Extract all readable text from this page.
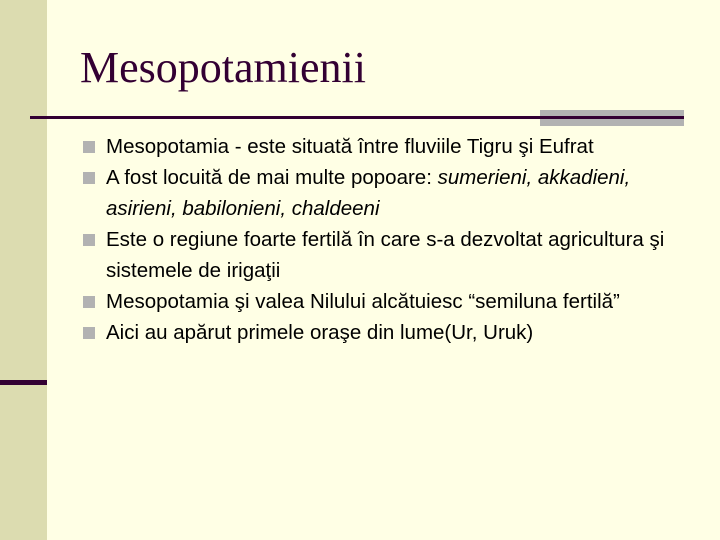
Mesopotamienii
Mesopotamia - este situată între fluviile Tigru şi Eufrat
A fost locuită de mai multe popoare: sumerieni, akkadieni, asirieni, babilonieni, chaldeeni
Este o regiune foarte fertilă în care s-a dezvoltat agricultura şi sistemele de irigaţii
Mesopotamia şi valea Nilului alcătuiesc “semiluna fertilă”
Aici au apărut primele oraşe din lume(Ur, Uruk)
